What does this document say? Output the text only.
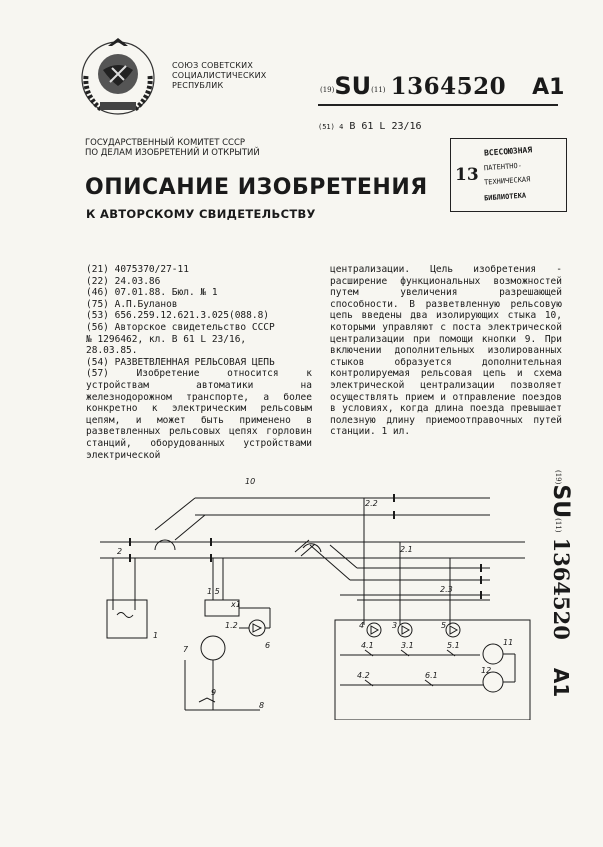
СОЮЗ СОВЕТСКИХ
СОЦИАЛИСТИЧЕСКИХ
РЕСПУБЛИК	(19)SU(11) 1364520 A1
(51) 4 B 61 L 23/16
ГОСУДАРСТВЕННЫЙ КОМИТЕТ СССР
ПО ДЕЛАМ ИЗОБРЕТЕНИЙ И ОТКРЫТИЙ
13
ВСЕСОЮЗНАЯ
ПАТЕНТНО-
ТЕХНИЧЕСКАЯ
БИБЛИОТЕКА
ОПИСАНИЕ ИЗОБРЕТЕНИЯ
К АВТОРСКОМУ СВИДЕТЕЛЬСТВУ
(21) 4075370/27-11
(22) 24.03.86
(46) 07.01.88. Бюл. № 1
(75) А.П.Буланов
(53) 656.259.12.621.3.025(088.8)
(56) Авторское свидетельство СССР
№ 1296462, кл. В 61 L 23/16,
28.03.85.
(54) РАЗВЕТВЛЕННАЯ РЕЛЬСОВАЯ ЦЕПЬ
(57) Изобретение относится к устройствам автоматики на железнодорожном транспорте, а более конкретно к электрическим рельсовым цепям, и может быть применено в разветвленных рельсовых цепях горловин станций, оборудованных устройствами электрической
централизации. Цель изобретения - расширение функциональных возможностей путем увеличения разрешающей способности. В разветвленную рельсовую цепь введены два изолирующих стыка 10, которыми управляют с поста электрической централизации при помощи кнопки 9. При включении дополнительных изолированных стыков образуется дополнительная контролируемая рельсовая цепь и схема электрической централизации позволяет осуществлять прием и отправление поездов в условиях, когда длина поезда превышает полезную длину приемоотправочных путей станции. 1 ил.
(19)SU(11) 1364520A1
10
2.2
2	2.1
2.3
1.5
x1
1.2
6
1
7
9
8
4	3	5
11
4.1	3.1	5.1
4.2	6.1
12
